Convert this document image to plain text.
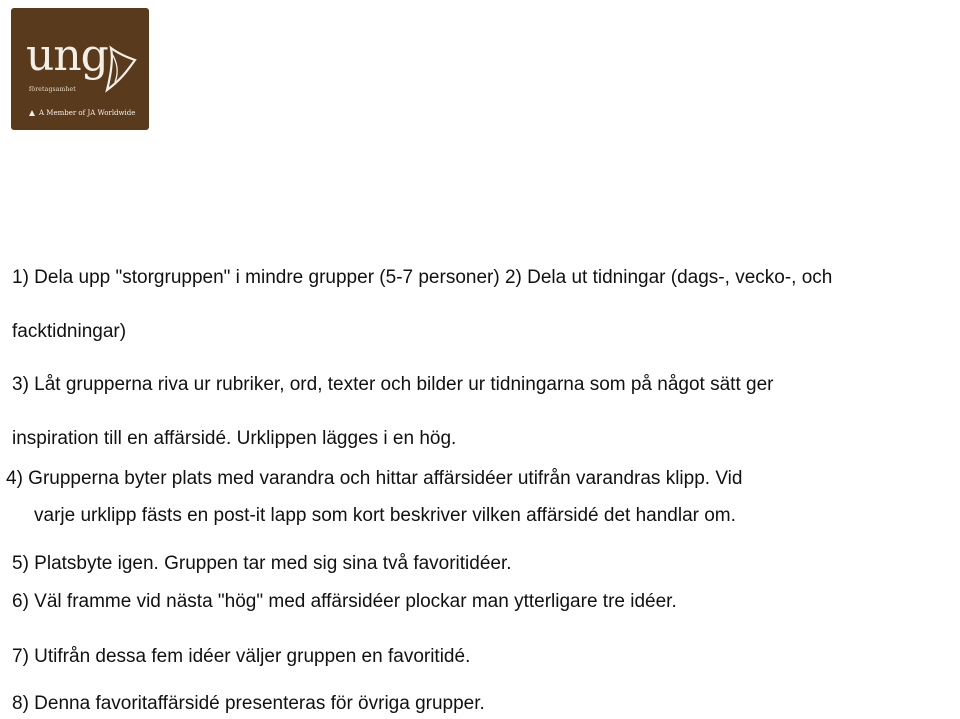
ung
företagsamhet
A Member of JA Worldwide
1) Dela upp "storgruppen" i mindre grupper (5-7 personer) 2) Dela ut tidningar (dags-, vecko-, och
facktidningar)
3) Låt grupperna riva ur rubriker, ord, texter och bilder ur tidningarna som på något sätt ger
inspiration till en affärsidé. Urklippen lägges i en hög.
4) Grupperna byter plats med varandra och hittar affärsidéer utifrån varandras klipp. Vid
varje urklipp fästs en post-it lapp som kort beskriver vilken affärsidé det handlar om.
5) Platsbyte igen. Gruppen tar med sig sina två favoritidéer.
6) Väl framme vid nästa "hög" med affärsidéer plockar man ytterligare tre idéer.
7) Utifrån dessa fem idéer väljer gruppen en favoritidé.
8) Denna favoritaffärsidé presenteras för övriga grupper.
